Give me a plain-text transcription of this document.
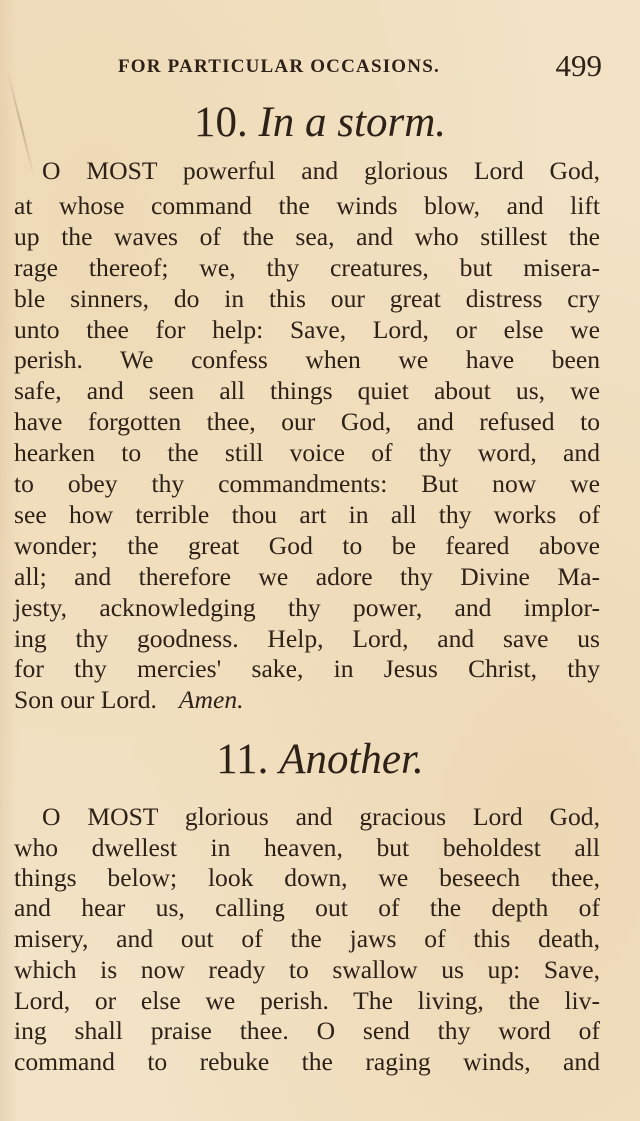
FOR PARTICULAR OCCASIONS.	499
10. In a storm.
O MOST powerful and glorious Lord God,
at whose command the winds blow, and lift
up the waves of the sea, and who stillest the
rage thereof; we, thy creatures, but misera-
ble sinners, do in this our great distress cry
unto thee for help: Save, Lord, or else we
perish. We confess when we have been
safe, and seen all things quiet about us, we
have forgotten thee, our God, and refused to
hearken to the still voice of thy word, and
to obey thy commandments: But now we
see how terrible thou art in all thy works of
wonder; the great God to be feared above
all; and therefore we adore thy Divine Ma-
jesty, acknowledging thy power, and implor-
ing thy goodness. Help, Lord, and save us
for thy mercies' sake, in Jesus Christ, thy
Son our Lord. Amen.
11. Another.
O MOST glorious and gracious Lord God,
who dwellest in heaven, but beholdest all
things below; look down, we beseech thee,
and hear us, calling out of the depth of
misery, and out of the jaws of this death,
which is now ready to swallow us up: Save,
Lord, or else we perish. The living, the liv-
ing shall praise thee. O send thy word of
command to rebuke the raging winds, and
